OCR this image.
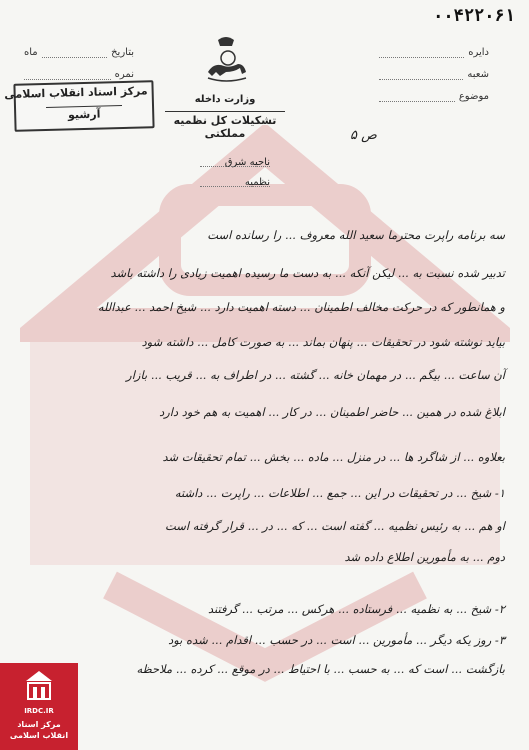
۰۰۴۲۲۰۶۱
دایره
شعبه
موضوع
بتاریخ
ماه
نمره
وزارت داخله
تشکیلات کل نظمیه مملکتی
مرکز اسناد انقلاب اسلامی
آرشیو
ص ۵
ناحیه شرق
نظمیه
سه برنامه راپرت محترما سعید الله معروف ... را رسانده است
تدبیر شده نسبت به ... لیکن آنکه ... به دست ما رسیده اهمیت زیادی را داشته باشد
و همانطور که در حرکت مخالف اطمینان ... دسته اهمیت دارد ... شیخ احمد ... عبدالله
بیاید نوشته شود در تحقیقات ... پنهان بماند ... به صورت کامل ... داشته شود
آن ساعت ... بیگم ... در مهمان خانه ... گشته ... در اطراف به ... قریب ... بازار
ابلاغ شده در همین ... حاضر اطمینان ... در کار ... اهمیت به هم خود دارد
بعلاوه ... از شاگرد ها ... در منزل ... ماده ... بخش ... تمام تحقیقات شد
۱- شیخ ... در تحقیقات در این ... جمع ... اطلاعات ... راپرت ... داشته
او هم ... به رئیس نظمیه ... گفته است ... که ... در ... قرار گرفته است
دوم ... به مأمورین اطلاع داده شد
۲- شیخ ... به نظمیه ... فرستاده ... هرکس ... مرتب ... گرفتند
۳- روز یکه دیگر ... مأمورین ... است ... در حسب ... اقدام ... شده بود
بازگشت ... است که ... به حسب ... با احتیاط ... در موقع ... کرده ... ملاحظه
IRDC.IR
مرکز اسناد
انقلاب اسلامی
